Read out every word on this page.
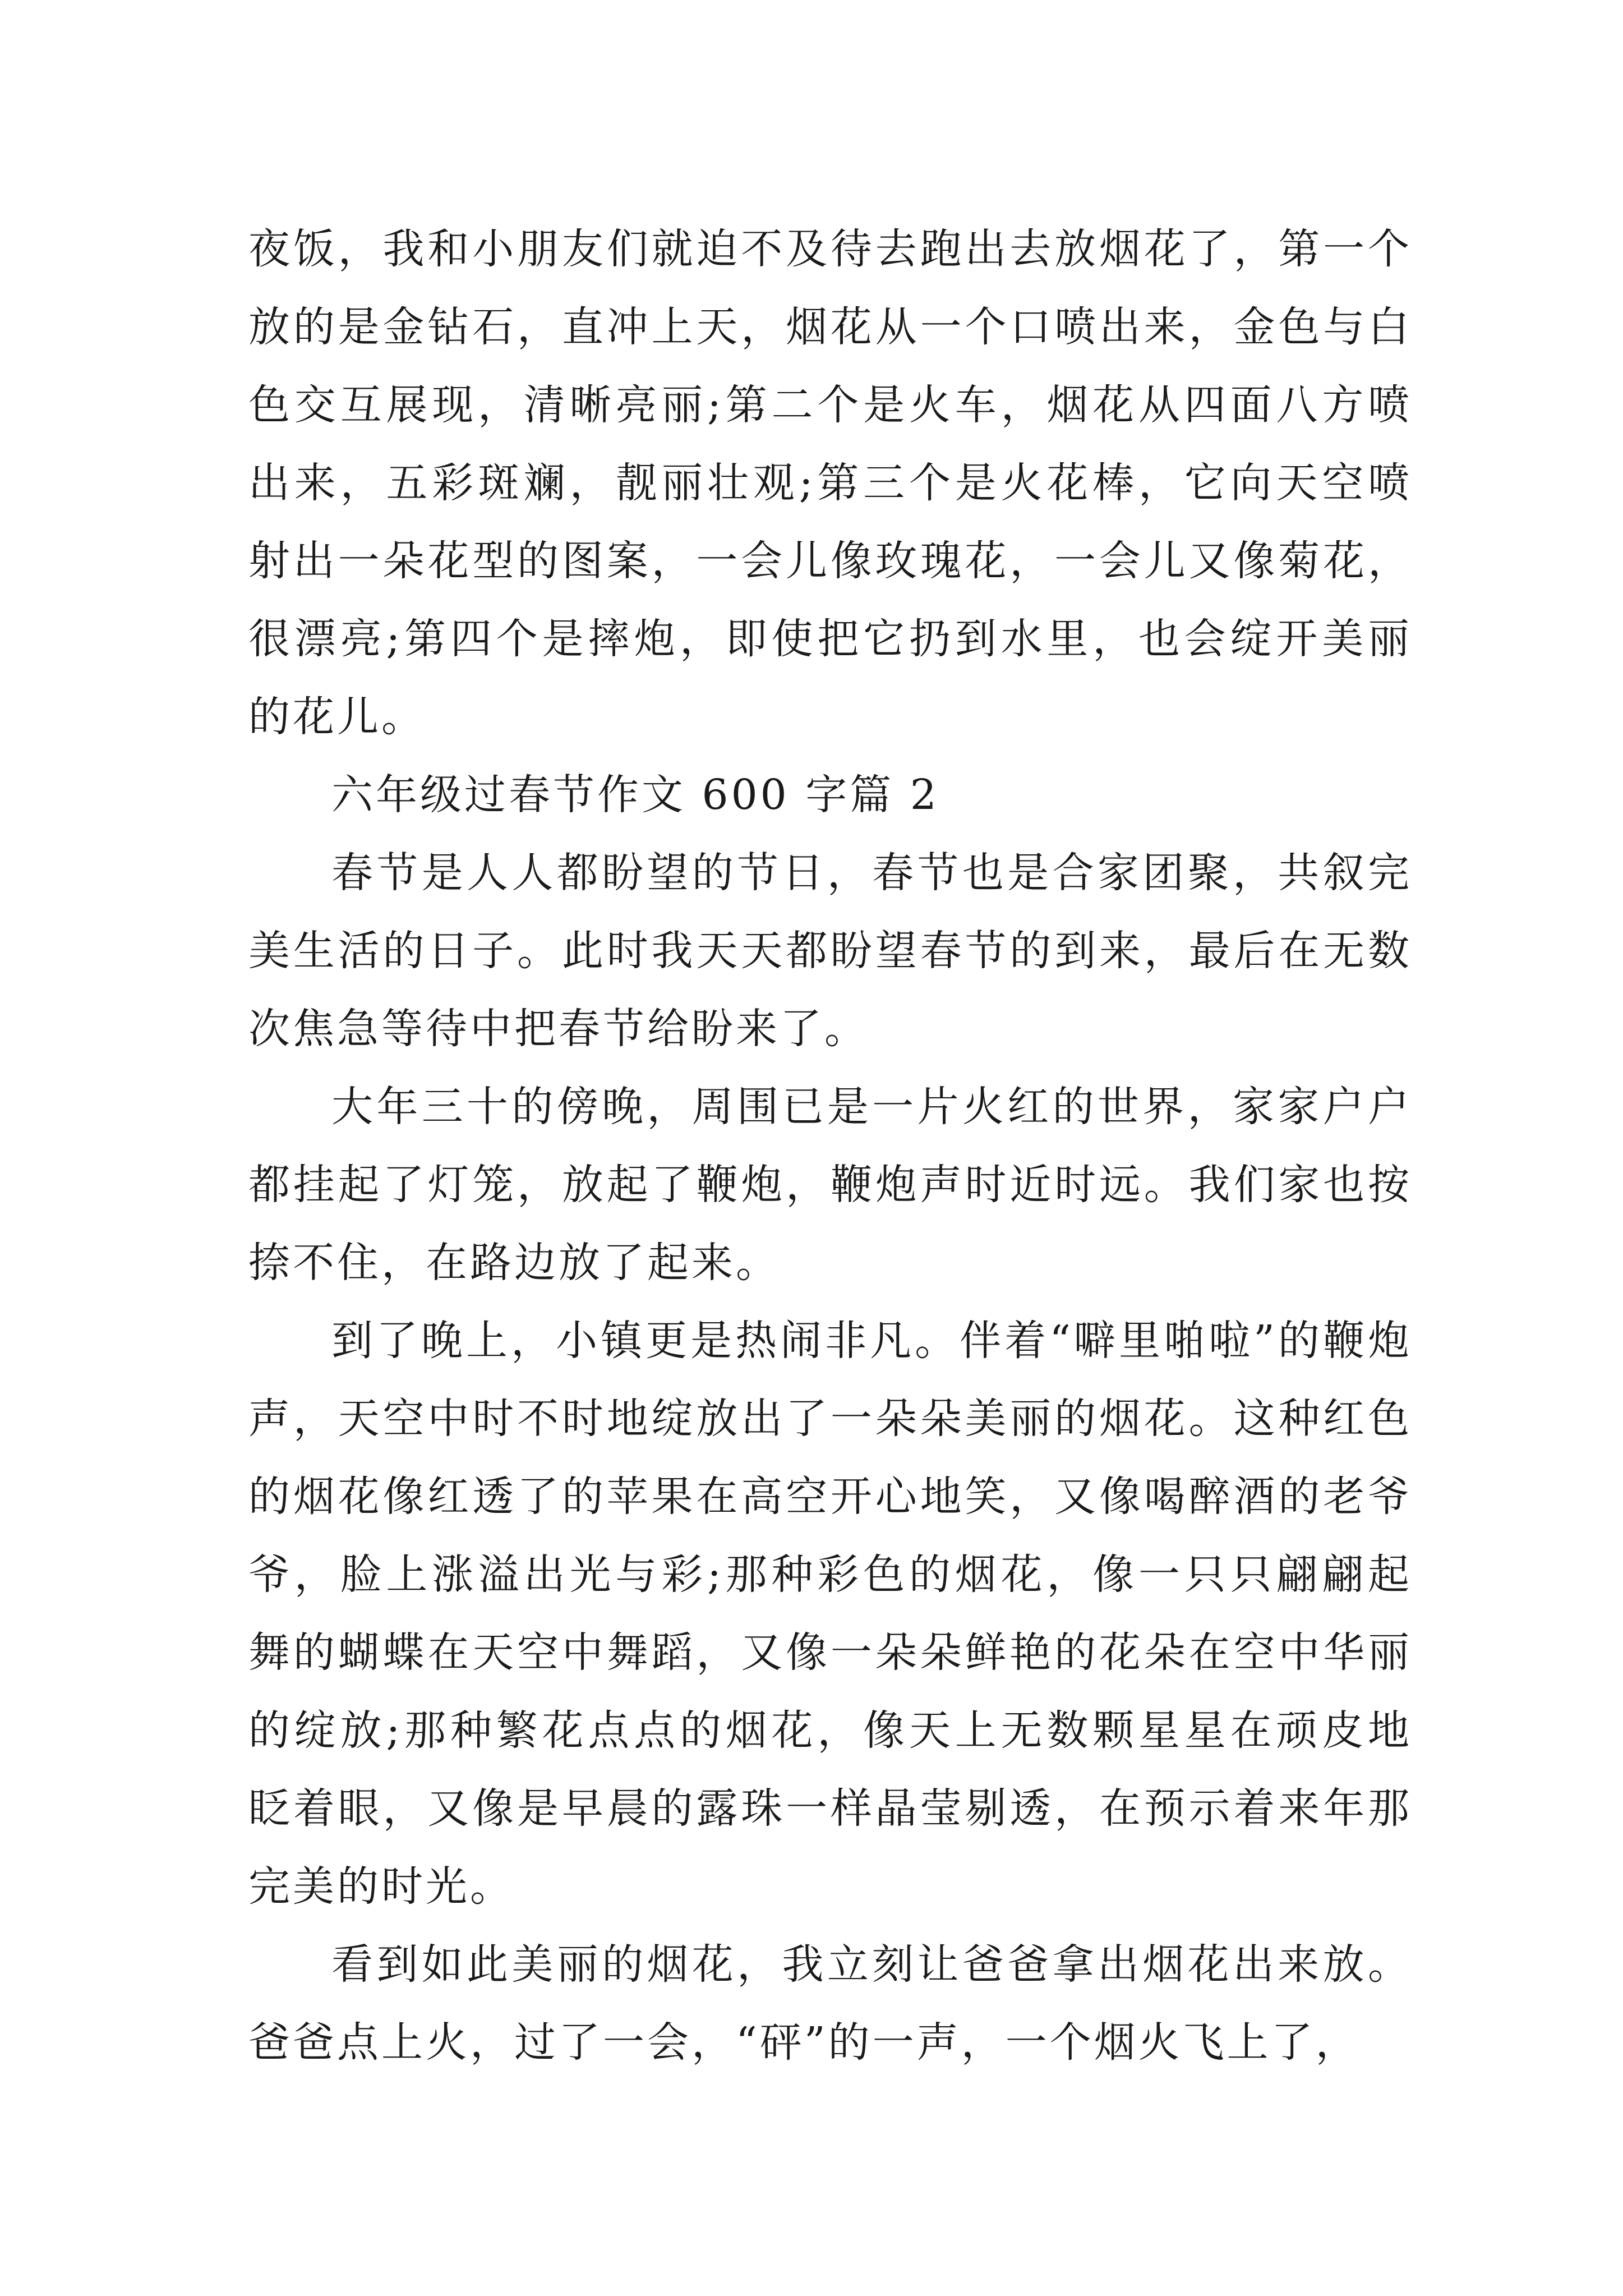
夜饭，我和小朋友们就迫不及待去跑出去放烟花了，第一个放的是金钻石，直冲上天，烟花从一个口喷出来，金色与白色交互展现，清晰亮丽;第二个是火车，烟花从四面八方喷出来，五彩斑斓，靓丽壮观;第三个是火花棒，它向天空喷射出一朵花型的图案，一会儿像玫瑰花，一会儿又像菊花，很漂亮;第四个是摔炮，即使把它扔到水里，也会绽开美丽的花儿。

六年级过春节作文 600 字篇 2

春节是人人都盼望的节日，春节也是合家团聚，共叙完美生活的日子。此时我天天都盼望春节的到来，最后在无数次焦急等待中把春节给盼来了。

大年三十的傍晚，周围已是一片火红的世界，家家户户都挂起了灯笼，放起了鞭炮，鞭炮声时近时远。我们家也按捺不住，在路边放了起来。

到了晚上，小镇更是热闹非凡。伴着“噼里啪啦”的鞭炮声，天空中时不时地绽放出了一朵朵美丽的烟花。这种红色的烟花像红透了的苹果在高空开心地笑，又像喝醉酒的老爷爷，脸上涨溢出光与彩;那种彩色的烟花，像一只只翩翩起舞的蝴蝶在天空中舞蹈，又像一朵朵鲜艳的花朵在空中华丽的绽放;那种繁花点点的烟花，像天上无数颗星星在顽皮地眨着眼，又像是早晨的露珠一样晶莹剔透，在预示着来年那完美的时光。

看到如此美丽的烟花，我立刻让爸爸拿出烟花出来放。爸爸点上火，过了一会，“砰”的一声，一个烟火飞上了，
